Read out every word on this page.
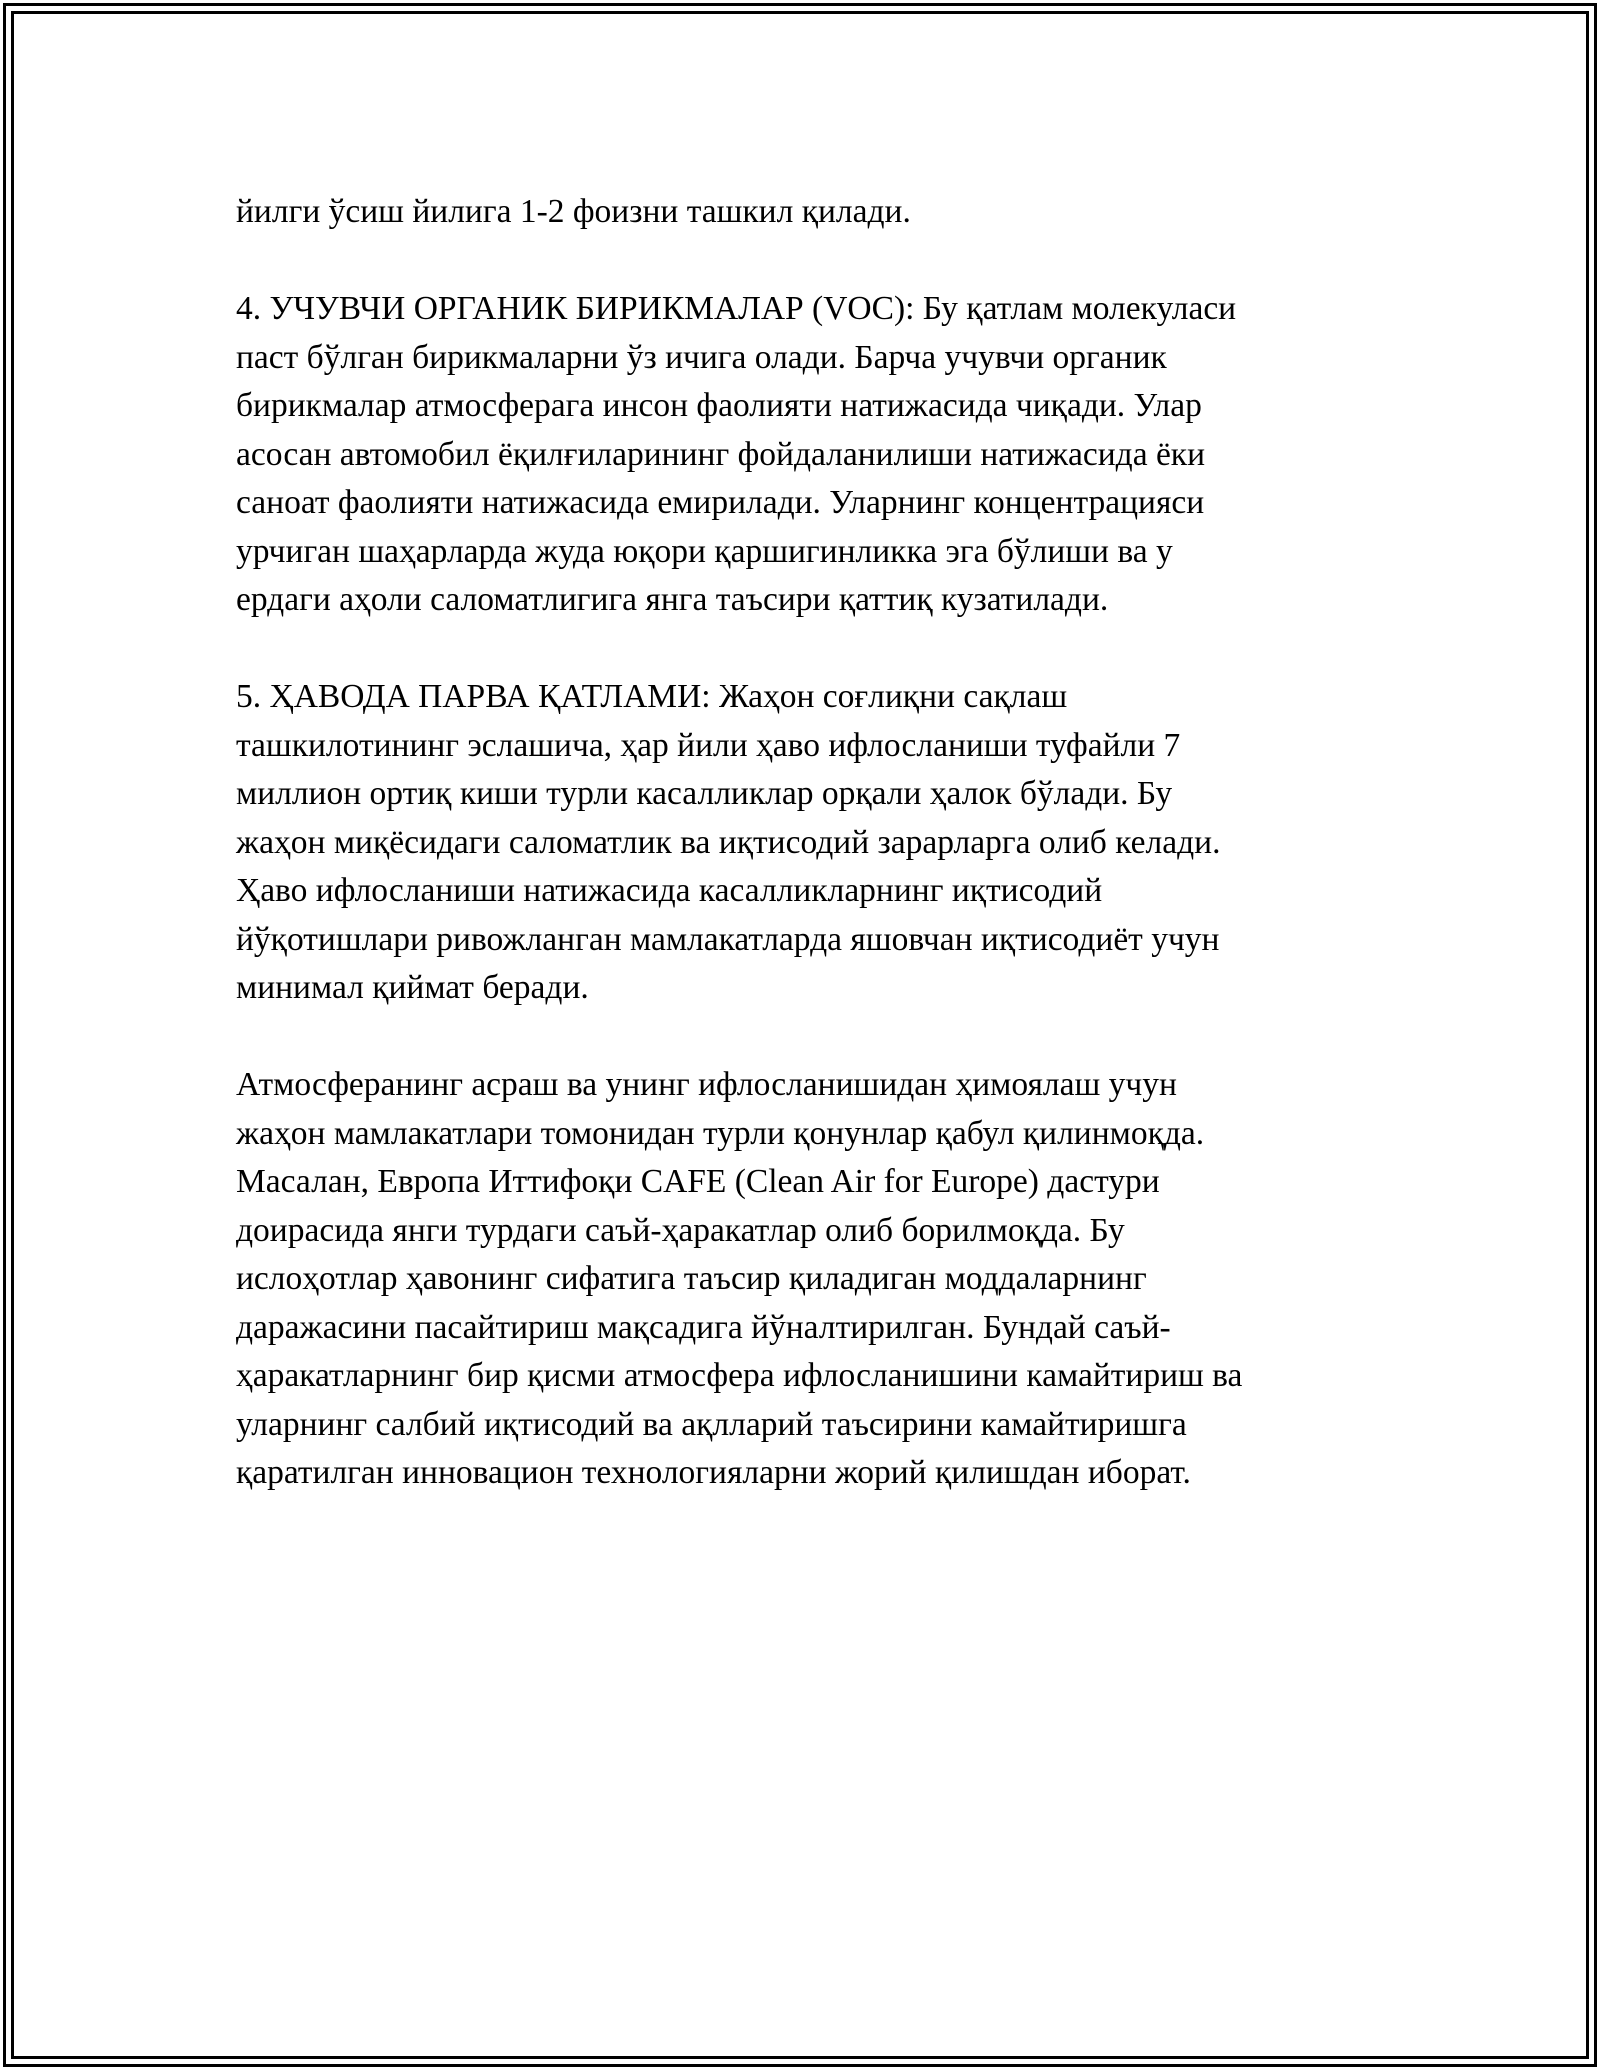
йилги ўсиш йилига 1-2 фоизни ташкил қилади.

4. УЧУВЧИ ОРГАНИК БИРИКМАЛАР (VOC): Бу қатлам молекуласи
паст бўлган бирикмаларни ўз ичига олади. Барча учувчи органик
бирикмалар атмосферага инсон фаолияти натижасида чиқади. Улар
асосан автомобил ёқилғиларининг фойдаланилиши натижасида ёки
саноат фаолияти натижасида емирилади. Уларнинг концентрацияси
урчиган шаҳарларда жуда юқори қаршигинликка эга бўлиши ва у
ердаги аҳоли саломатлигига янга таъсири қаттиқ кузатилади.

5. ҲАВОДА ПАРВА ҚАТЛАМИ: Жаҳон соғлиқни сақлаш
ташкилотининг эслашича, ҳар йили ҳаво ифлосланиши туфайли 7
миллион ортиқ киши турли касалликлар орқали ҳалок бўлади. Бу
жаҳон миқёсидаги саломатлик ва иқтисодий зарарларга олиб келади.
Ҳаво ифлосланиши натижасида касалликларнинг иқтисодий
йўқотишлари ривожланган мамлакатларда яшовчан иқтисодиёт учун
минимал қиймат беради.

Атмосферанинг асраш ва унинг ифлосланишидан ҳимоялаш учун
жаҳон мамлакатлари томонидан турли қонунлар қабул қилинмоқда.
Масалан, Европа Иттифоқи CAFE (Clean Air for Europe) дастури
доирасида янги турдаги саъй-ҳаракатлар олиб борилмоқда. Бу
ислоҳотлар ҳавонинг сифатига таъсир қиладиган моддаларнинг
даражасини пасайтириш мақсадига йўналтирилган. Бундай саъй-
ҳаракатларнинг бир қисми атмосфера ифлосланишини камайтириш ва
уларнинг салбий иқтисодий ва ақлларий таъсирини камайтиришга
қаратилган инновацион технологияларни жорий қилишдан иборат.
